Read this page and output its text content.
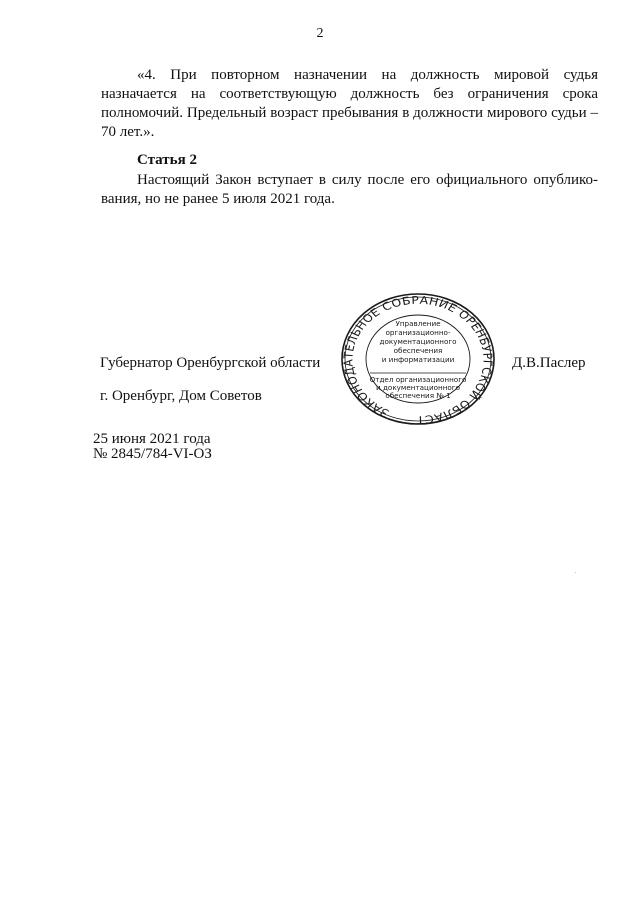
2
«4. При повторном назначении на должность мировой судья
назначается на соответствующую должность без ограничения срока
полномочий. Предельный возраст пребывания в должности мирового судьи –
70 лет.».
Статья 2
Настоящий Закон вступает в силу после его официального опублико-
вания, но не ранее 5 июля 2021 года.
Губернатор Оренбургской области	Д.В.Паслер
г. Оренбург, Дом Советов
25 июня 2021 года
№ 2845/784-VI-ОЗ
ЗАКОНОДАТЕЛЬНОЕ СОБРАНИЕ ОРЕНБУРГСКОЙ ОБЛАСТ
Управление
организационно-
документационного
обеспечения
и информатизации
Отдел организационного
и документационного
обеспечения № 1
